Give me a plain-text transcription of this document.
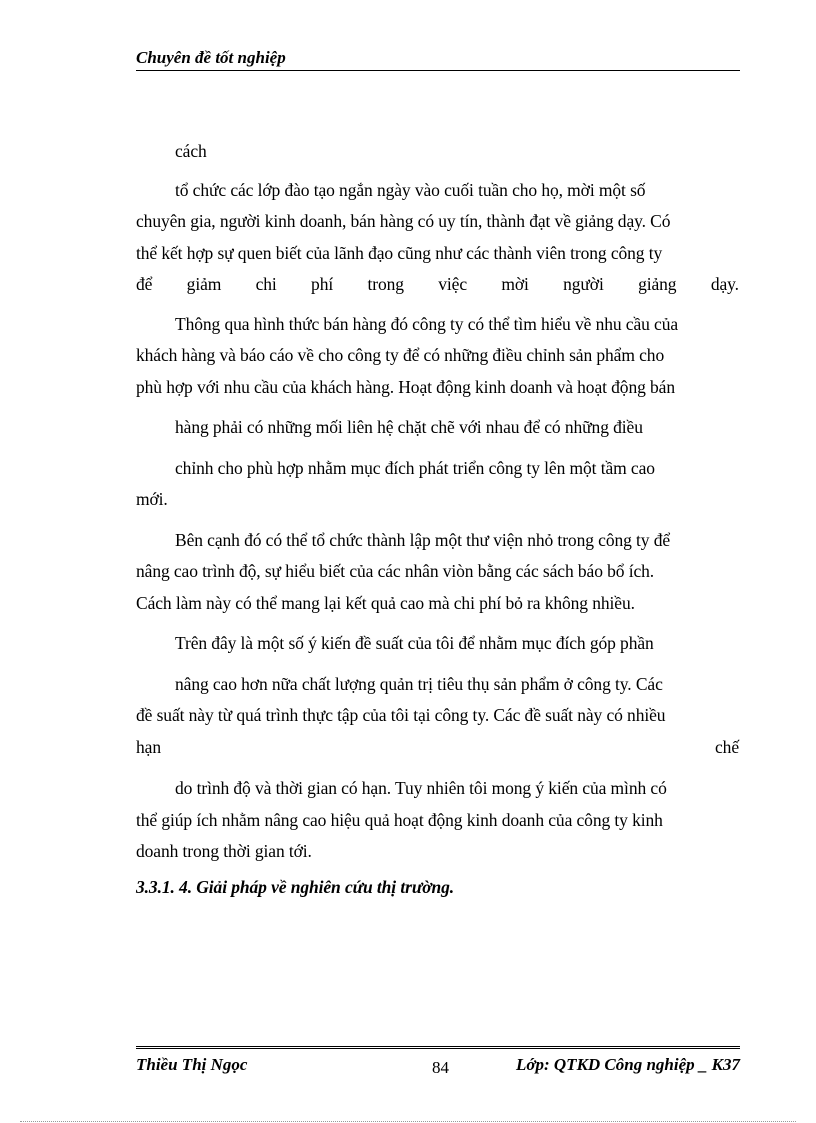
Chuyên đề tốt nghiệp
cách
tổ chức các lớp đào tạo ngắn ngày vào cuối tuần cho họ, mời một số
chuyên gia, người kinh doanh, bán hàng có uy tín, thành đạt về giảng dạy. Có
thể kết hợp sự quen biết của lãnh đạo cũng như các thành viên trong công ty
để giảm chi phí trong việc mời người giảng dạy.
Thông qua hình thức bán hàng đó công ty có thể tìm hiểu về nhu cầu của
khách hàng và báo cáo về cho công ty để có những điều chỉnh sản phẩm cho
phù hợp với nhu cầu của khách hàng. Hoạt động kinh doanh và hoạt động bán
hàng phải có những mối liên hệ chặt chẽ với nhau để có những điều
chỉnh cho phù hợp nhằm mục đích phát triển công ty lên một tầm cao
mới.
Bên cạnh đó có thể tổ chức thành lập một thư viện nhỏ trong công ty để
nâng cao trình độ, sự hiểu biết của các nhân viòn bằng các sách báo bổ ích.
Cách làm này có thể mang lại kết quả cao mà chi phí bỏ ra không nhiều.
Trên đây là một số ý kiến đề suất của tôi để nhằm mục đích góp phần
nâng cao hơn nữa chất lượng quản trị tiêu thụ sản phẩm ở công ty. Các
đề suất này từ quá trình thực tập của tôi tại công ty. Các đề suất này có nhiều
hạn	chế
do trình độ và thời gian có hạn. Tuy nhiên tôi mong ý kiến của mình có
thể giúp ích nhằm nâng cao hiệu quả hoạt động kinh doanh của công ty kinh
doanh trong thời gian tới.
3.3.1. 4. Giải pháp về nghiên cứu thị trường.
Thiều Thị Ngọc	84	Lớp: QTKD Công nghiệp _ K37
